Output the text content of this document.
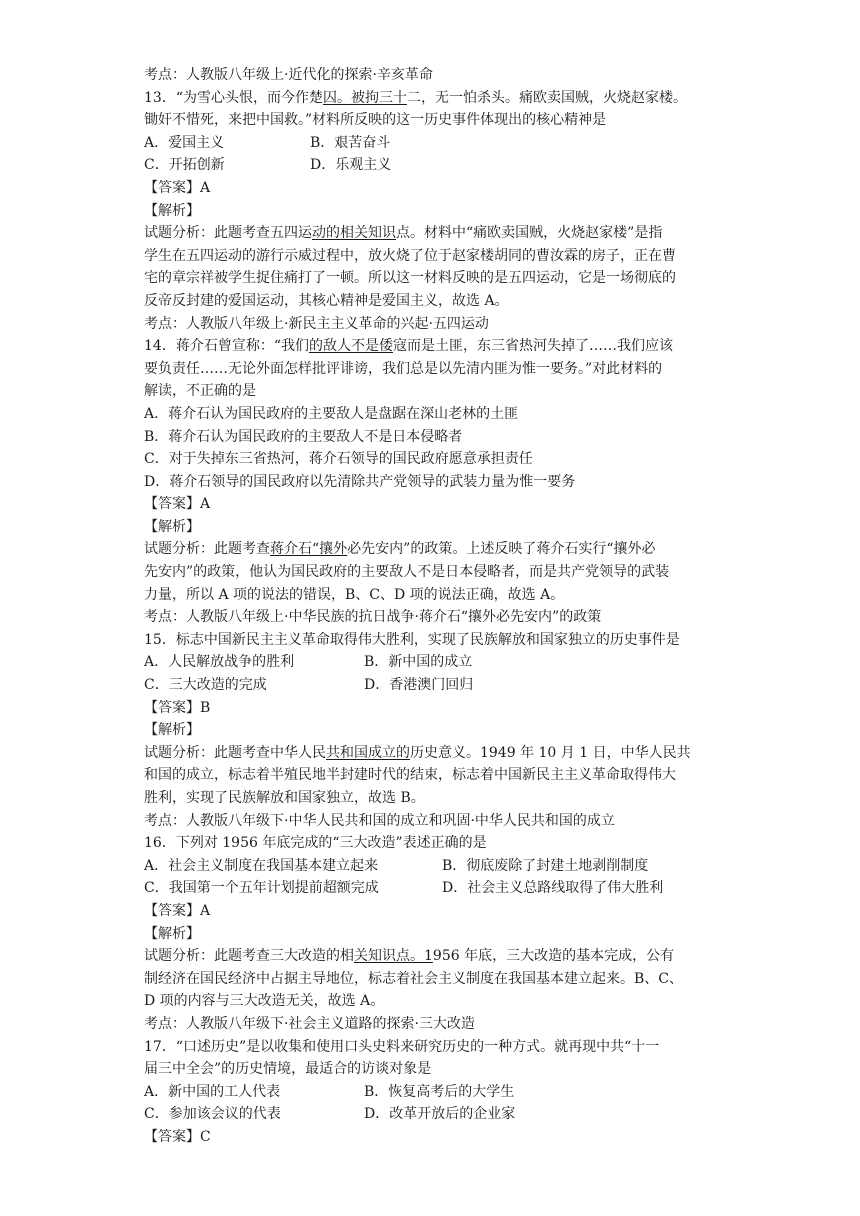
考点：人教版八年级上·近代化的探索·辛亥革命
13．“为雪心头恨，而今作楚囚。被拘三十二，无一怕杀头。痛欧卖国贼，火烧赵家楼。
锄奸不惜死，来把中国救。”材料所反映的这一历史事件体现出的核心精神是
A．爱国主义	B．艰苦奋斗
C．开拓创新	D．乐观主义
【答案】A
【解析】
试题分析：此题考查五四运动的相关知识点。材料中“痛欧卖国贼，火烧赵家楼”是指
学生在五四运动的游行示威过程中，放火烧了位于赵家楼胡同的曹汝霖的房子，正在曹
宅的章宗祥被学生捉住痛打了一顿。所以这一材料反映的是五四运动，它是一场彻底的
反帝反封建的爱国运动，其核心精神是爱国主义，故选 A。
考点：人教版八年级上·新民主主义革命的兴起·五四运动
14．蒋介石曾宣称：“我们的敌人不是倭寇而是土匪，东三省热河失掉了……我们应该
要负责任……无论外面怎样批评诽谤，我们总是以先清内匪为惟一要务。”对此材料的
解读，不正确的是
A．蒋介石认为国民政府的主要敌人是盘踞在深山老林的土匪
B．蒋介石认为国民政府的主要敌人不是日本侵略者
C．对于失掉东三省热河，蒋介石领导的国民政府愿意承担责任
D．蒋介石领导的国民政府以先清除共产党领导的武装力量为惟一要务
【答案】A
【解析】
试题分析：此题考查蒋介石“攘外必先安内”的政策。上述反映了蒋介石实行“攘外必
先安内”的政策，他认为国民政府的主要敌人不是日本侵略者，而是共产党领导的武装
力量，所以 A 项的说法的错误，B、C、D 项的说法正确，故选 A。
考点：人教版八年级上·中华民族的抗日战争·蒋介石“攘外必先安内”的政策
15．标志中国新民主主义革命取得伟大胜利，实现了民族解放和国家独立的历史事件是
A．人民解放战争的胜利	B．新中国的成立
C．三大改造的完成	D．香港澳门回归
【答案】B
【解析】
试题分析：此题考查中华人民共和国成立的历史意义。1949 年 10 月 1 日，中华人民共
和国的成立，标志着半殖民地半封建时代的结束，标志着中国新民主主义革命取得伟大
胜利，实现了民族解放和国家独立，故选 B。
考点：人教版八年级下·中华人民共和国的成立和巩固·中华人民共和国的成立
16．下列对 1956 年底完成的“三大改造”表述正确的是
A．社会主义制度在我国基本建立起来	B．彻底废除了封建土地剥削制度
C．我国第一个五年计划提前超额完成	D．社会主义总路线取得了伟大胜利
【答案】A
【解析】
试题分析：此题考查三大改造的相关知识点。1956 年底，三大改造的基本完成，公有
制经济在国民经济中占据主导地位，标志着社会主义制度在我国基本建立起来。B、C、
D 项的内容与三大改造无关，故选 A。
考点：人教版八年级下·社会主义道路的探索·三大改造
17．“口述历史”是以收集和使用口头史料来研究历史的一种方式。就再现中共“十一
届三中全会”的历史情境，最适合的访谈对象是
A．新中国的工人代表	B．恢复高考后的大学生
C．参加该会议的代表	D．改革开放后的企业家
【答案】C
